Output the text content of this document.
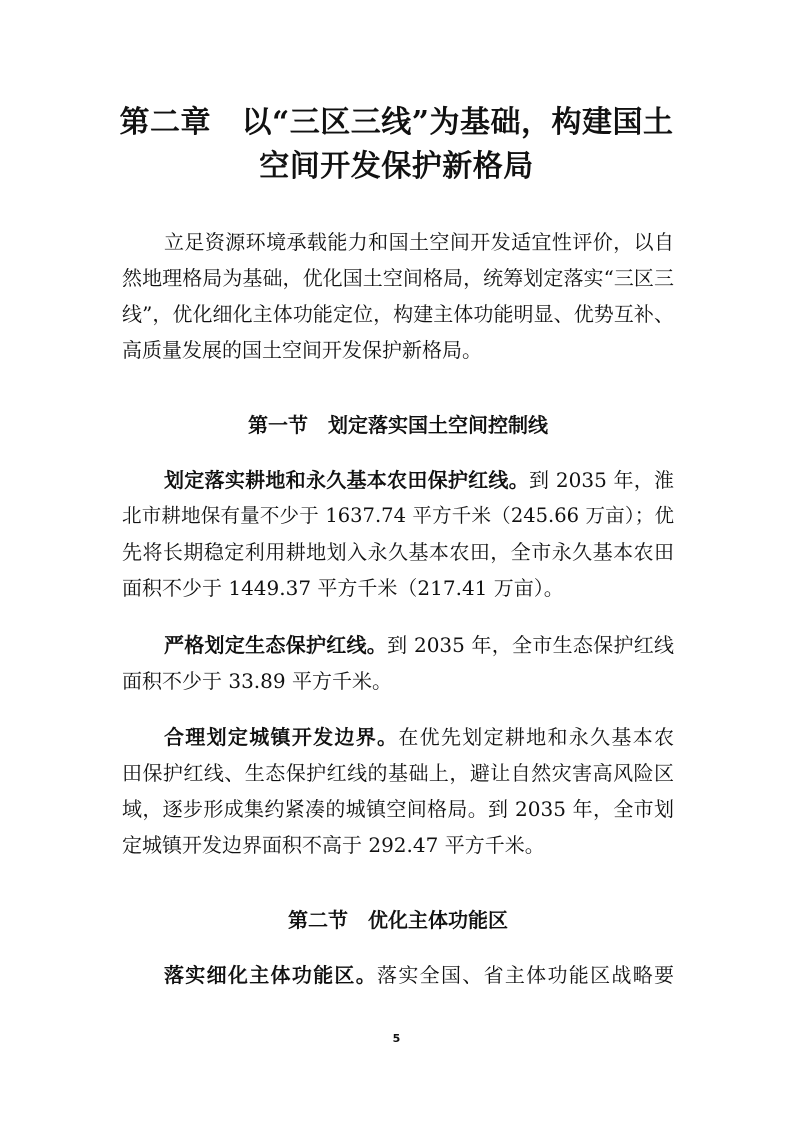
第二章　以“三区三线”为基础，构建国土
空间开发保护新格局
立足资源环境承载能力和国土空间开发适宜性评价，以自
然地理格局为基础，优化国土空间格局，统筹划定落实“三区三
线”，优化细化主体功能定位，构建主体功能明显、优势互补、
高质量发展的国土空间开发保护新格局。
第一节　划定落实国土空间控制线
划定落实耕地和永久基本农田保护红线。到 2035 年，淮
北市耕地保有量不少于 1637.74 平方千米（245.66 万亩）；优
先将长期稳定利用耕地划入永久基本农田，全市永久基本农田
面积不少于 1449.37 平方千米（217.41 万亩）。
严格划定生态保护红线。到 2035 年，全市生态保护红线
面积不少于 33.89 平方千米。
合理划定城镇开发边界。在优先划定耕地和永久基本农
田保护红线、生态保护红线的基础上，避让自然灾害高风险区
域，逐步形成集约紧凑的城镇空间格局。到 2035 年，全市划
定城镇开发边界面积不高于 292.47 平方千米。
第二节　优化主体功能区
落实细化主体功能区。落实全国、省主体功能区战略要
5
